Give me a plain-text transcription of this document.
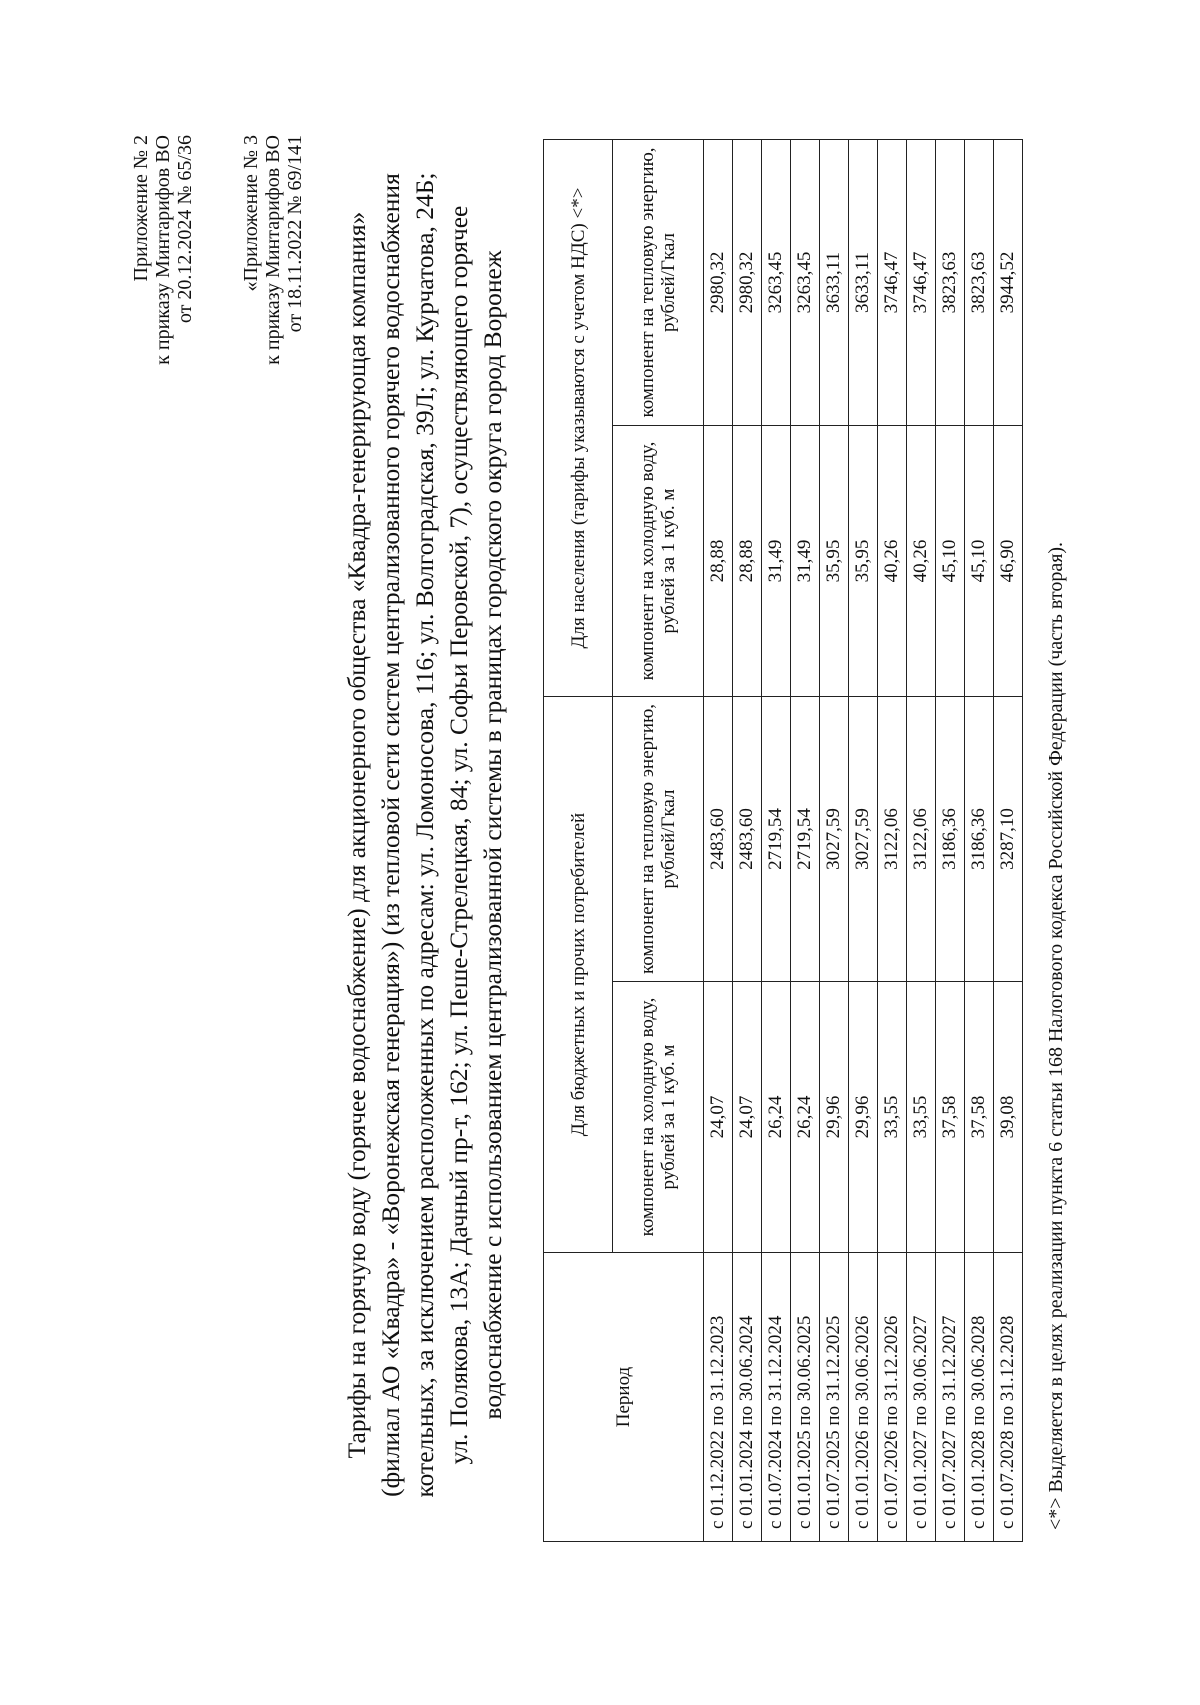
Приложение № 2 к приказу Минтарифов ВО от 20.12.2024 № 65/36 «Приложение № 3 к приказу Минтарифов ВО от 18.11.2022 № 69/141 Тарифы на горячую воду (горячее водоснабжение) для акционерного общества «Квадра-генерирующая компания» (филиал АО «Квадра» - «Воронежская генерация») (из тепловой сети систем централизованного горячего водоснабжения котельных, за исключением расположенных по адресам: ул. Ломоносова, 116; ул. Волгоградская, 39Л; ул. Курчатова, 24Б; ул. Полякова, 13А; Дачный пр-т, 162; ул. Пеше-Стрелецкая, 84; ул. Софьи Перовской, 7), осуществляющего горячее водоснабжение с использованием централизованной системы в границах городского округа город Воронеж	Период	Для бюджетных и прочих потребителей		Для населения (тарифы указываются с учетом НДС) <*>	
	компонент на холодную воду, рублей за 1 куб. м	компонент на тепловую энергию, рублей/Гкал	компонент на холодную воду, рублей за 1 куб. м	компонент на тепловую энергию, рублей/Гкал
с 01.12.2022 по 31.12.2023	24,07	2483,60	28,88	2980,32
с 01.01.2024 по 30.06.2024	24,07	2483,60	28,88	2980,32
с 01.07.2024 по 31.12.2024	26,24	2719,54	31,49	3263,45
с 01.01.2025 по 30.06.2025	26,24	2719,54	31,49	3263,45
с 01.07.2025 по 31.12.2025	29,96	3027,59	35,95	3633,11
с 01.01.2026 по 30.06.2026	29,96	3027,59	35,95	3633,11
с 01.07.2026 по 31.12.2026	33,55	3122,06	40,26	3746,47
с 01.01.2027 по 30.06.2027	33,55	3122,06	40,26	3746,47
с 01.07.2027 по 31.12.2027	37,58	3186,36	45,10	3823,63
с 01.01.2028 по 30.06.2028	37,58	3186,36	45,10	3823,63
с 01.07.2028 по 31.12.2028	39,08	3287,10	46,90	3944,52
<*> Выделяется в целях реализации пункта 6 статьи 168 Налогового кодекса Российской Федерации (часть вторая).
